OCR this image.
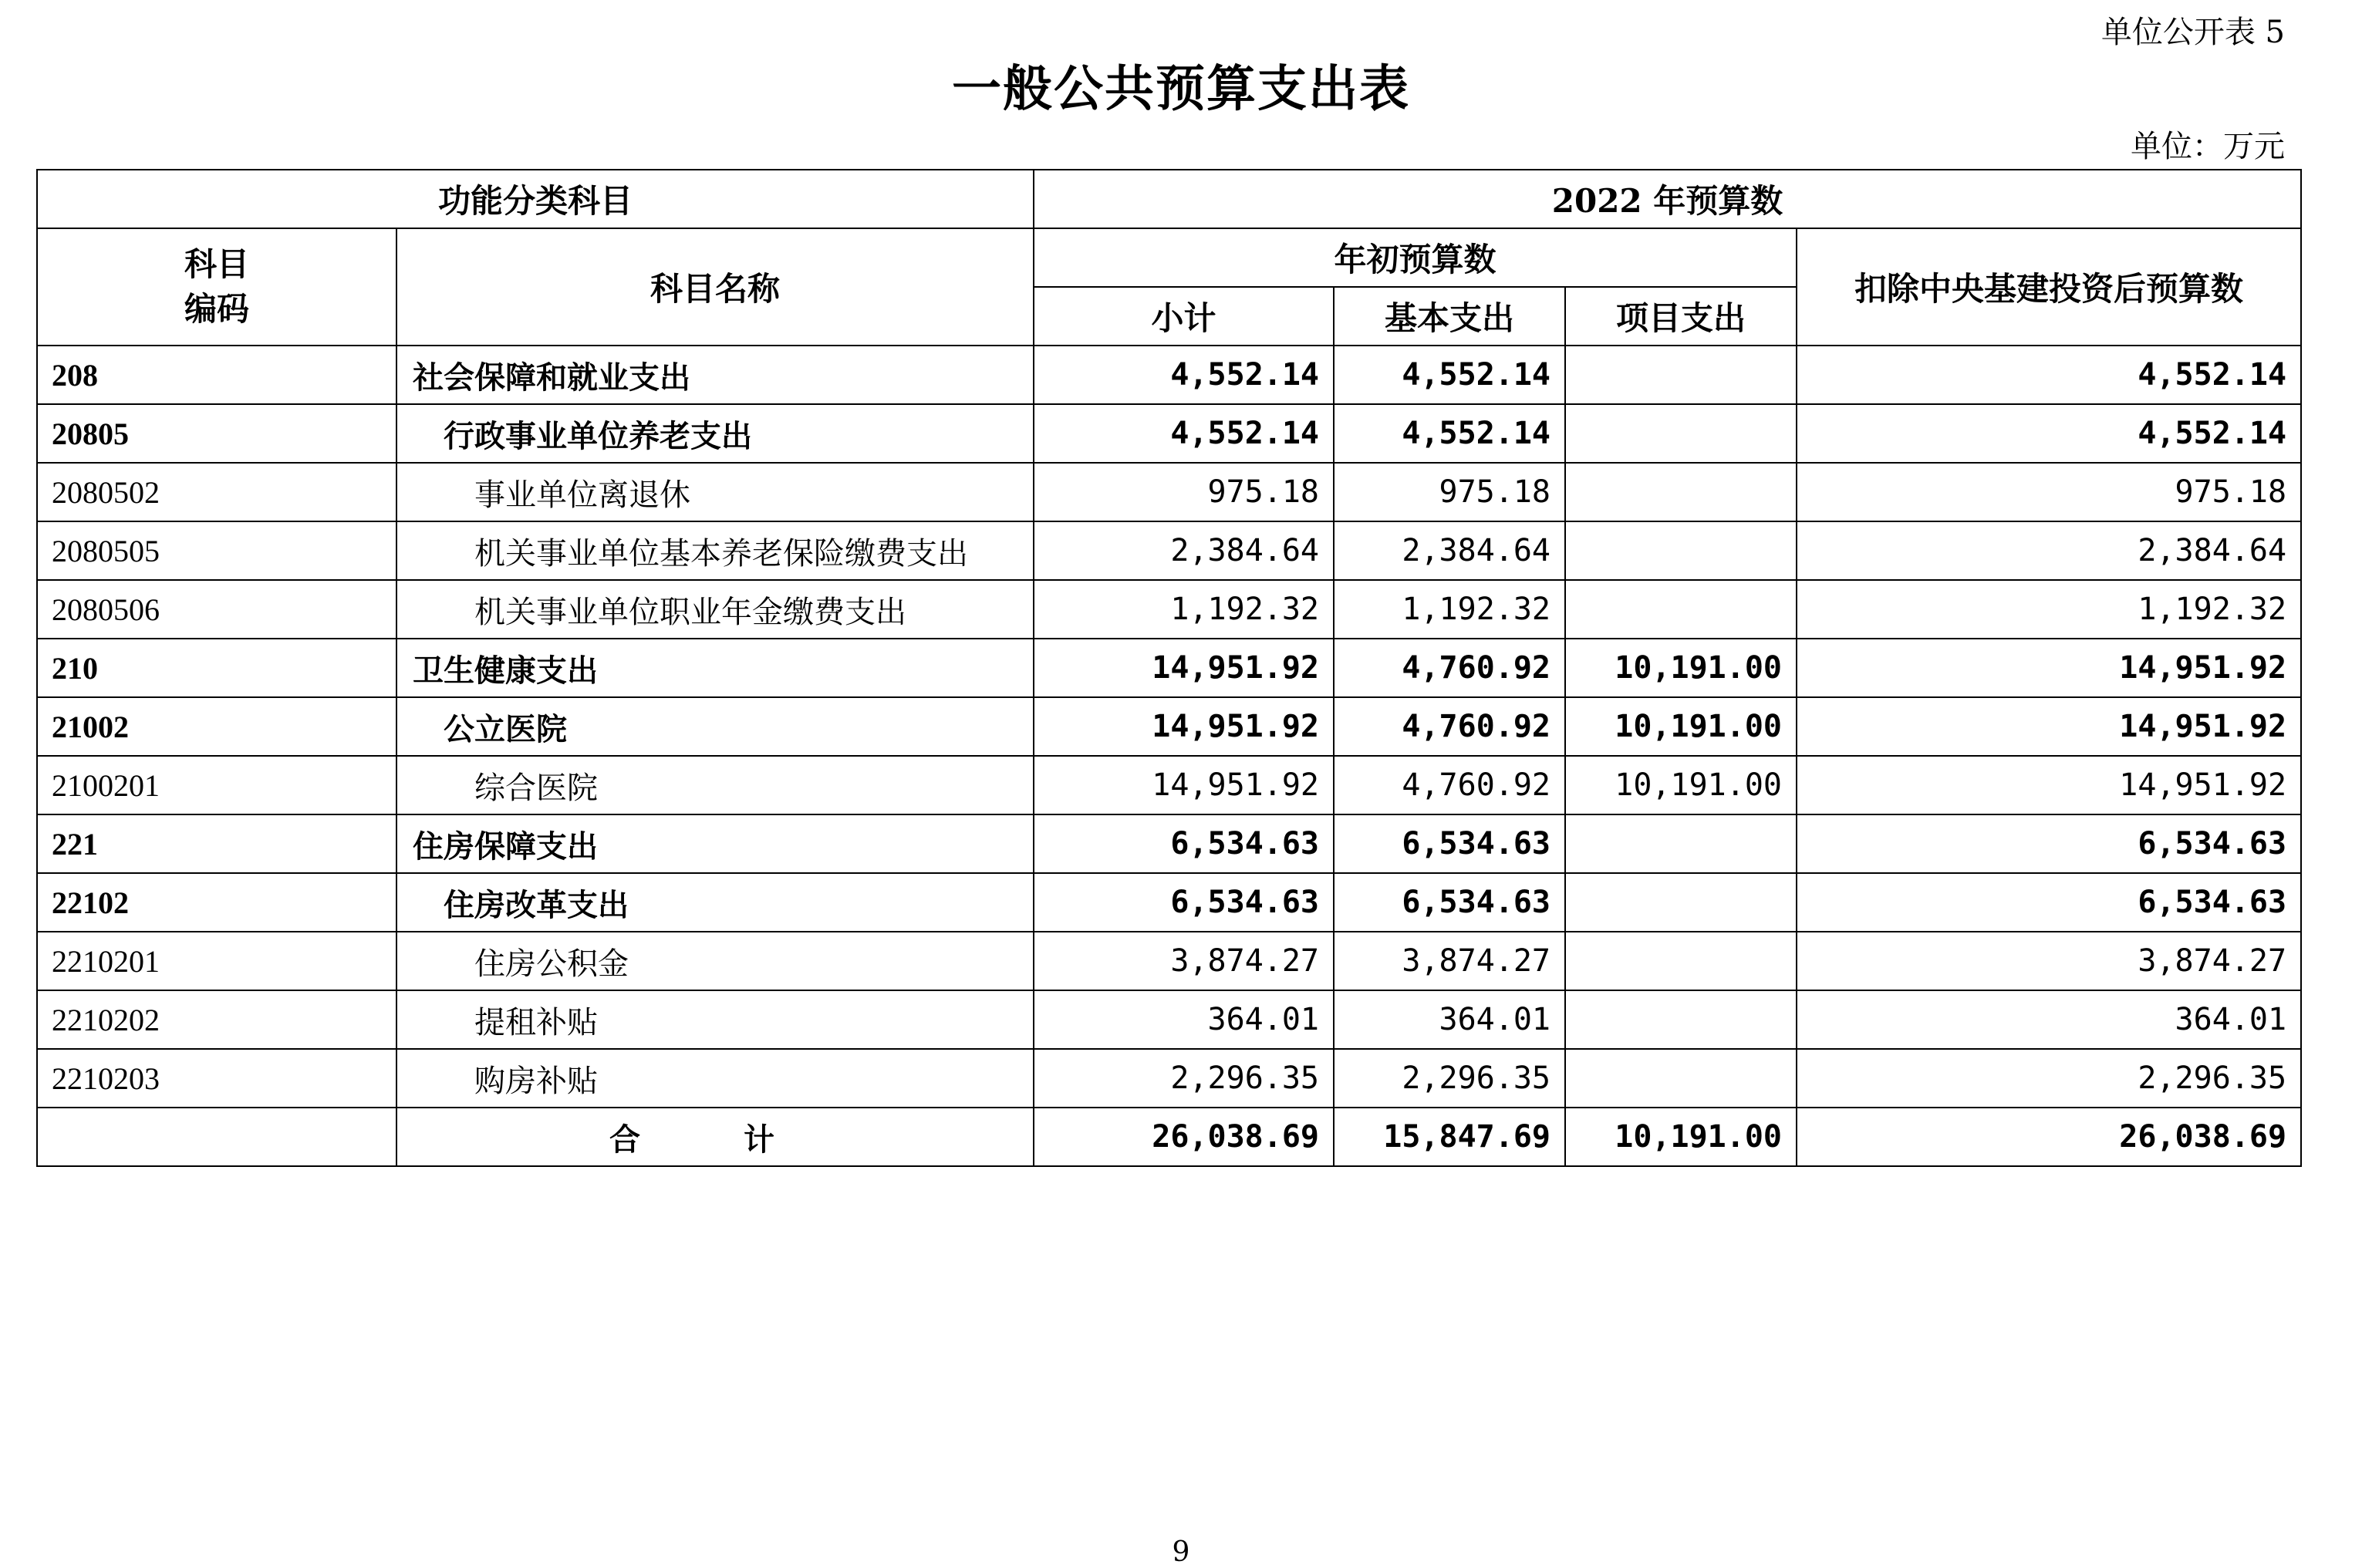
单位公开表 5
一般公共预算支出表
单位：万元
功能分类科目		2022 年预算数			
科目
编码	科目名称	年初预算数			扣除中央基建投资后预算数
		小计	基本支出	项目支出	
208	社会保障和就业支出	4,552.14	4,552.14		4,552.14
20805	行政事业单位养老支出	4,552.14	4,552.14		4,552.14
2080502	事业单位离退休	975.18	975.18		975.18
2080505	机关事业单位基本养老保险缴费支出	2,384.64	2,384.64		2,384.64
2080506	机关事业单位职业年金缴费支出	1,192.32	1,192.32		1,192.32
210	卫生健康支出	14,951.92	4,760.92	10,191.00	14,951.92
21002	公立医院	14,951.92	4,760.92	10,191.00	14,951.92
2100201	综合医院	14,951.92	4,760.92	10,191.00	14,951.92
221	住房保障支出	6,534.63	6,534.63		6,534.63
22102	住房改革支出	6,534.63	6,534.63		6,534.63
2210201	住房公积金	3,874.27	3,874.27		3,874.27
2210202	提租补贴	364.01	364.01		364.01
2210203	购房补贴	2,296.35	2,296.35		2,296.35
	合 计	26,038.69	15,847.69	10,191.00	26,038.69
9
